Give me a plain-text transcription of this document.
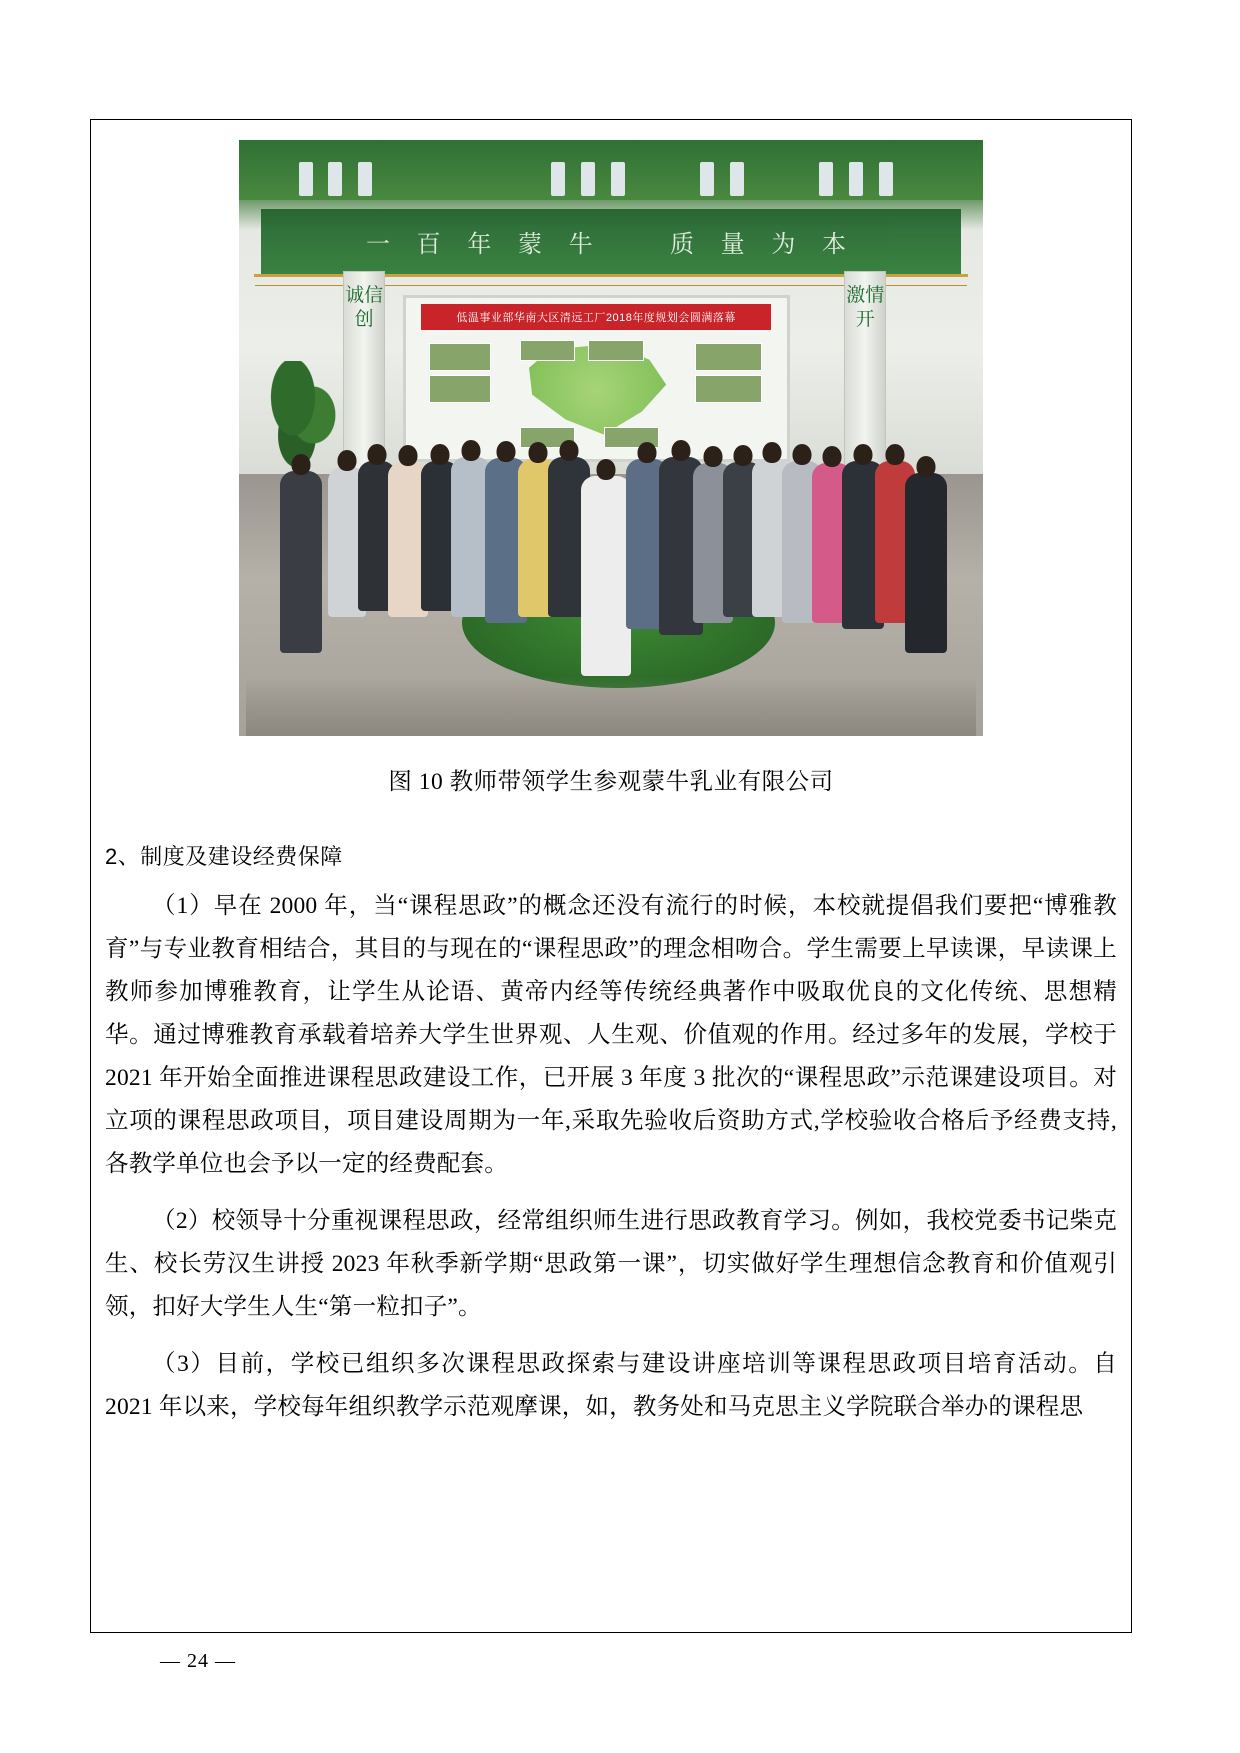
一 百 年 蒙 牛 　 质 量 为 本
诚信创
激情开
低温事业部华南大区清远工厂2018年度规划会圆满落幕
图 10 教师带领学生参观蒙牛乳业有限公司
2、制度及建设经费保障

（1）早在 2000 年，当“课程思政”的概念还没有流行的时候，本校就提倡我们要把“博雅教育”与专业教育相结合，其目的与现在的“课程思政”的理念相吻合。学生需要上早读课，早读课上教师参加博雅教育，让学生从论语、黄帝内经等传统经典著作中吸取优良的文化传统、思想精华。通过博雅教育承载着培养大学生世界观、人生观、价值观的作用。经过多年的发展，学校于 2021 年开始全面推进课程思政建设工作，已开展 3 年度 3 批次的“课程思政”示范课建设项目。对立项的课程思政项目，项目建设周期为一年,采取先验收后资助方式,学校验收合格后予经费支持,各教学单位也会予以一定的经费配套。

（2）校领导十分重视课程思政，经常组织师生进行思政教育学习。例如，我校党委书记柴克生、校长劳汉生讲授 2023 年秋季新学期“思政第一课”，切实做好学生理想信念教育和价值观引领，扣好大学生人生“第一粒扣子”。

（3）目前，学校已组织多次课程思政探索与建设讲座培训等课程思政项目培育活动。自 2021 年以来，学校每年组织教学示范观摩课，如，教务处和马克思主义学院联合举办的课程思

— 24 —
